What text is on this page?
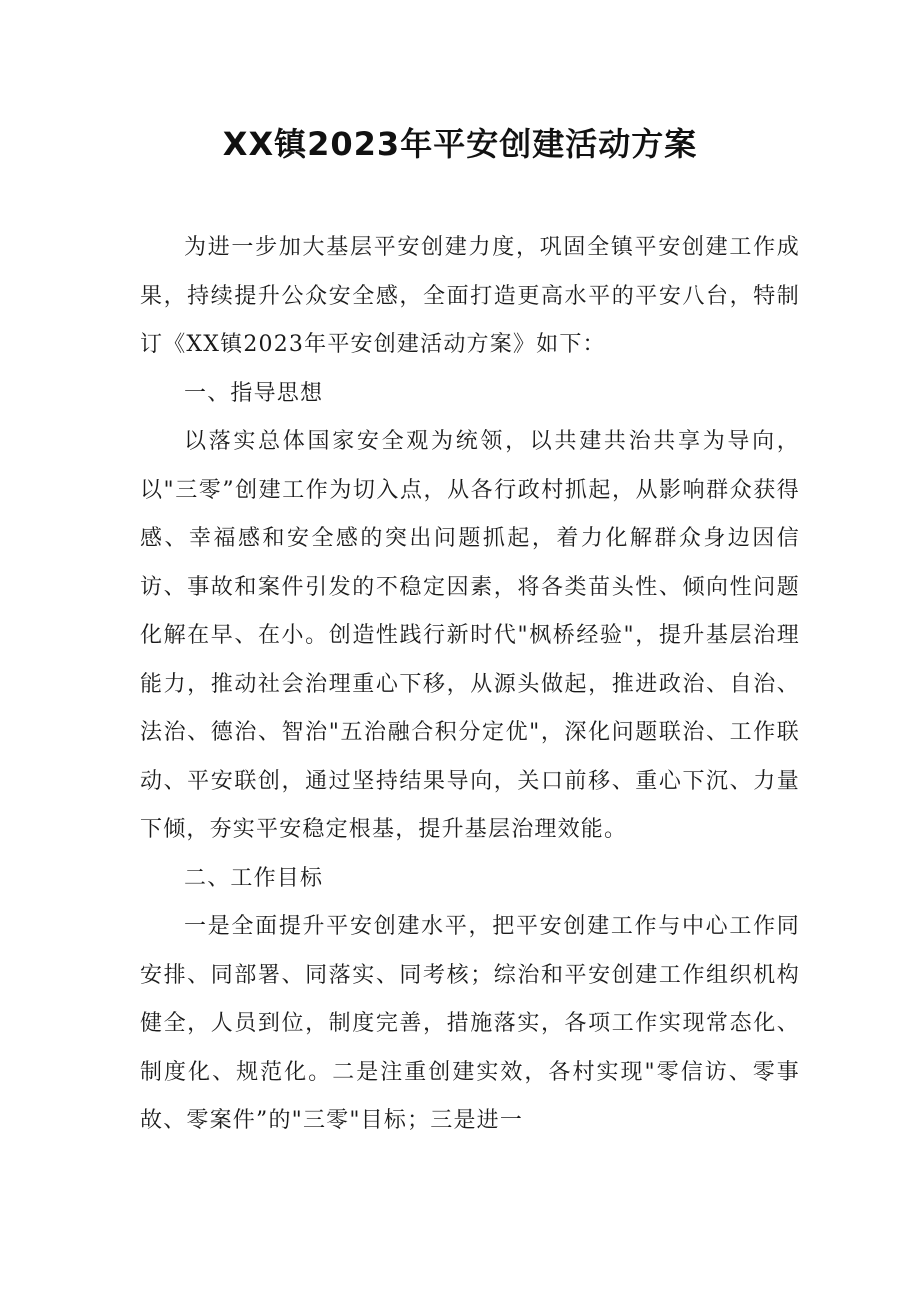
XX镇2023年平安创建活动方案

为进一步加大基层平安创建力度，巩固全镇平安创建工作成果，持续提升公众安全感，全面打造更高水平的平安八台，特制订《XX镇2023年平安创建活动方案》如下：

一、指导思想

以落实总体国家安全观为统领，以共建共治共享为导向，以"三零”创建工作为切入点，从各行政村抓起，从影响群众获得感、幸福感和安全感的突出问题抓起，着力化解群众身边因信访、事故和案件引发的不稳定因素，将各类苗头性、倾向性问题化解在早、在小。创造性践行新时代"枫桥经验"，提升基层治理能力，推动社会治理重心下移，从源头做起，推进政治、自治、法治、德治、智治"五治融合积分定优"，深化问题联治、工作联动、平安联创，通过坚持结果导向，关口前移、重心下沉、力量下倾，夯实平安稳定根基，提升基层治理效能。

二、工作目标

一是全面提升平安创建水平，把平安创建工作与中心工作同安排、同部署、同落实、同考核；综治和平安创建工作组织机构健全，人员到位，制度完善，措施落实，各项工作实现常态化、制度化、规范化。二是注重创建实效，各村实现"零信访、零事故、零案件”的"三零"目标；三是进一
